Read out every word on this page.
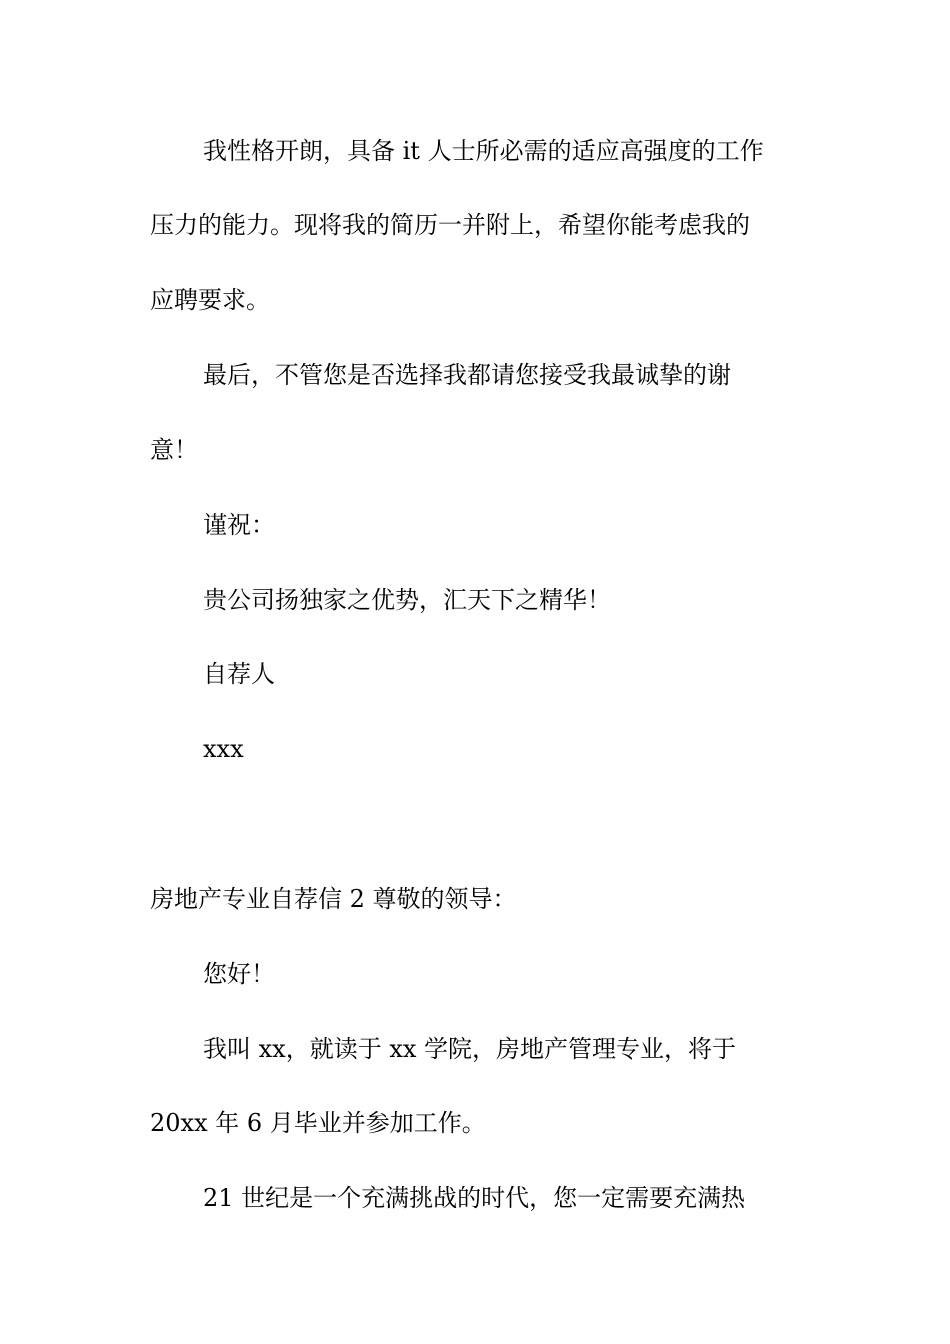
我性格开朗，具备 it 人士所必需的适应高强度的工作

压力的能力。现将我的简历一并附上，希望你能考虑我的

应聘要求。

最后，不管您是否选择我都请您接受我最诚挚的谢

意！

谨祝：

贵公司扬独家之优势，汇天下之精华！

自荐人

xxx

房地产专业自荐信 2 尊敬的领导：

您好！

我叫 xx，就读于 xx 学院，房地产管理专业，将于

20xx 年 6 月毕业并参加工作。

21 世纪是一个充满挑战的时代，您一定需要充满热
